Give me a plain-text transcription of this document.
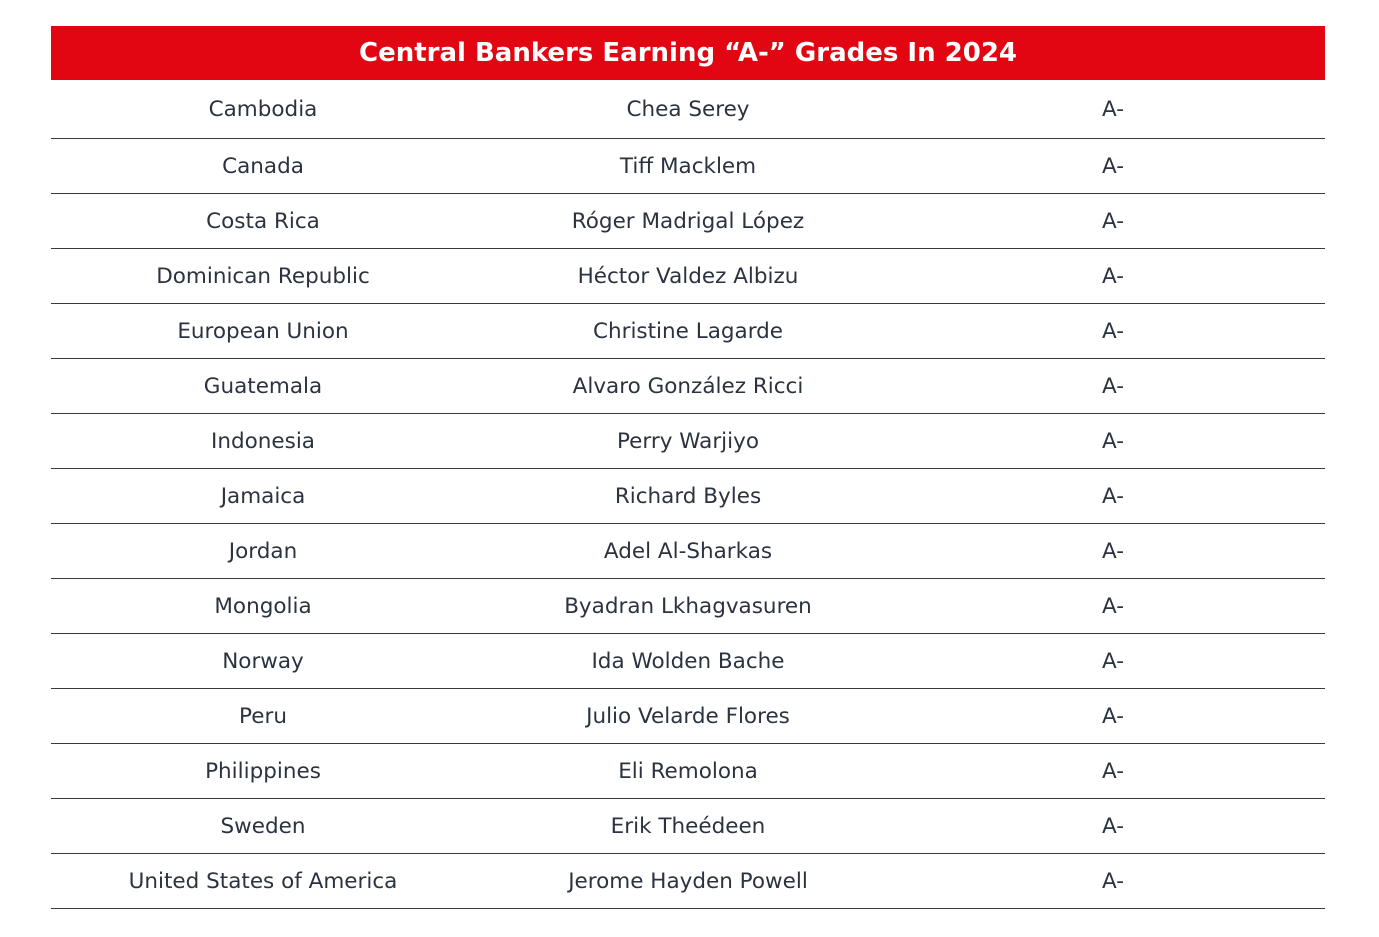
Central Bankers Earning “A-” Grades In 2024
Cambodia	Chea Serey	A-
Canada	Tiff Macklem	A-
Costa Rica	Róger Madrigal López	A-
Dominican Republic	Héctor Valdez Albizu	A-
European Union	Christine Lagarde	A-
Guatemala	Alvaro González Ricci	A-
Indonesia	Perry Warjiyo	A-
Jamaica	Richard Byles	A-
Jordan	Adel Al-Sharkas	A-
Mongolia	Byadran Lkhagvasuren	A-
Norway	Ida Wolden Bache	A-
Peru	Julio Velarde Flores	A-
Philippines	Eli Remolona	A-
Sweden	Erik Theédeen	A-
United States of America	Jerome Hayden Powell	A-
